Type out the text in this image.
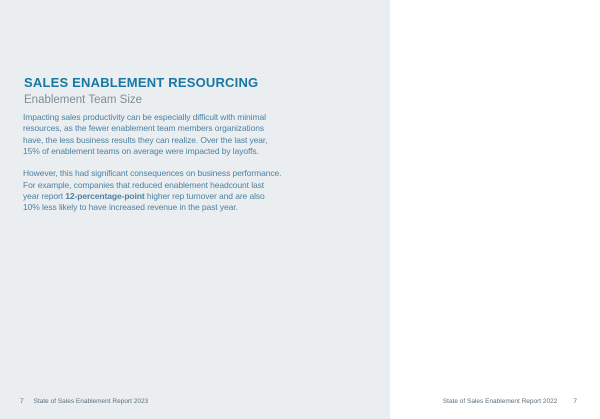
SALES ENABLEMENT RESOURCING
Enablement Team Size
Impacting sales productivity can be especially difficult with minimal
resources, as the fewer enablement team members organizations
have, the less business results they can realize. Over the last year,
15% of enablement teams on average were impacted by layoffs.
However, this had significant consequences on business performance.
For example, companies that reduced enablement headcount last
year report 12-percentage-point higher rep turnover and are also
10% less likely to have increased revenue in the past year.
7 State of Sales Enablement Report 2023	State of Sales Enablement Report 2022 7
